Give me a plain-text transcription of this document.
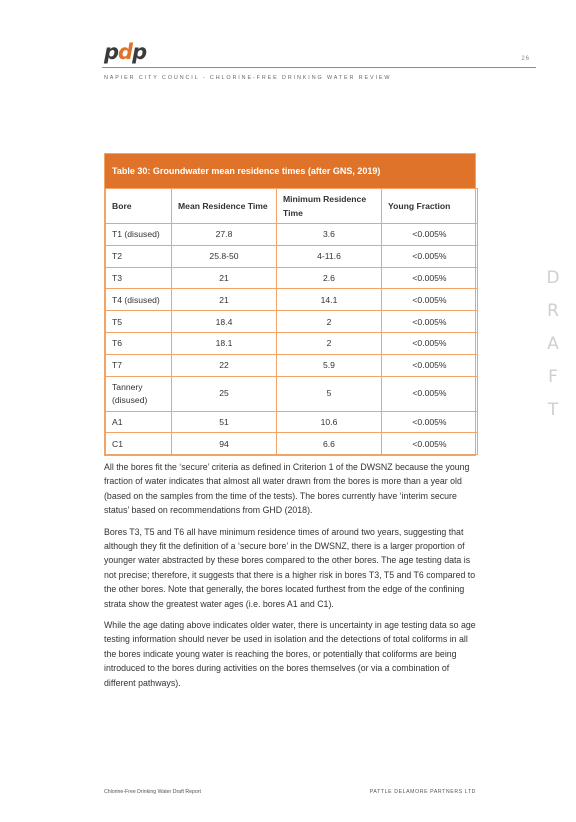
pdp	26
NAPIER CITY COUNCIL - CHLORINE-FREE DRINKING WATER REVIEW
D
R
A
F
T
Table 30: Groundwater mean residence times (after GNS, 2019)
Bore	Mean Residence Time	Minimum Residence Time	Young Fraction
T1 (disused)	27.8	3.6	<0.005%
T2	25.8-50	4-11.6	<0.005%
T3	21	2.6	<0.005%
T4 (disused)	21	14.1	<0.005%
T5	18.4	2	<0.005%
T6	18.1	2	<0.005%
T7	22	5.9	<0.005%
Tannery (disused)	25	5	<0.005%
A1	51	10.6	<0.005%
C1	94	6.6	<0.005%

All the bores fit the ‘secure’ criteria as defined in Criterion 1 of the DWSNZ because the young fraction of water indicates that almost all water drawn from the bores is more than a year old (based on the samples from the time of the tests). The bores currently have ‘interim secure status’ based on recommendations from GHD (2018).

Bores T3, T5 and T6 all have minimum residence times of around two years, suggesting that although they fit the definition of a ‘secure bore’ in the DWSNZ, there is a larger proportion of younger water abstracted by these bores compared to the other bores. The age testing data is not precise; therefore, it suggests that there is a higher risk in bores T3, T5 and T6 compared to the other bores. Note that generally, the bores located furthest from the edge of the confining strata show the greatest water ages (i.e. bores A1 and C1).

While the age dating above indicates older water, there is uncertainty in age testing data so age testing information should never be used in isolation and the detections of total coliforms in all the bores indicate young water is reaching the bores, or potentially that coliforms are being introduced to the bores during activities on the bores themselves (or via a combination of different pathways).

Chlorine-Free Drinking Water Draft Report	PATTLE DELAMORE PARTNERS LTD
